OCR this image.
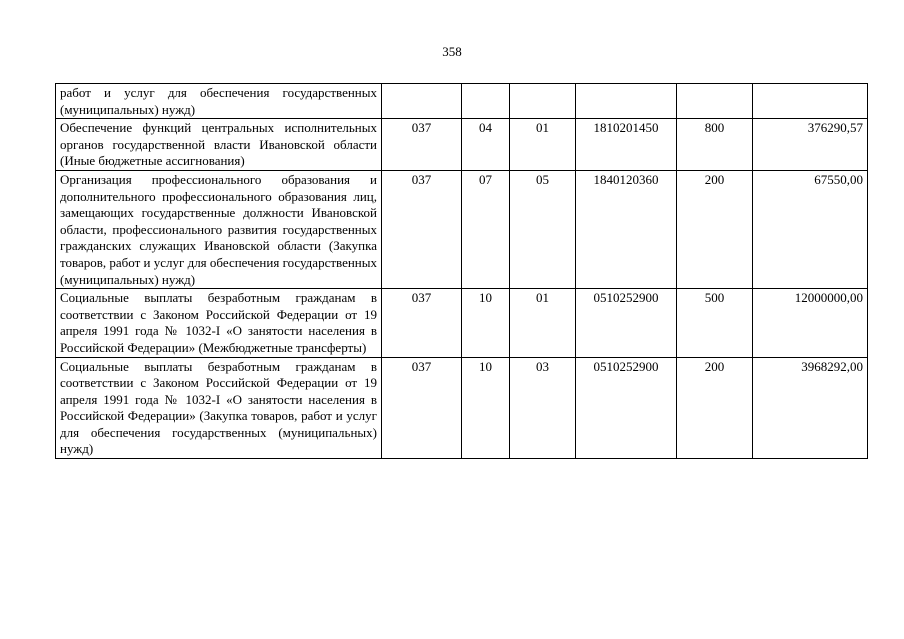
358
работ и услуг для обеспечения государственных (муниципальных) нужд)						
Обеспечение функций центральных исполнительных органов государственной власти Ивановской области (Иные бюджетные ассигнования)	037	04	01	1810201450	800	376290,57
Организация профессионального образования и дополнительного профессионального образования лиц, замещающих государственные должности Ивановской области, профессионального развития государственных гражданских служащих Ивановской области (Закупка товаров, работ и услуг для обеспечения государственных (муниципальных) нужд)	037	07	05	1840120360	200	67550,00
Социальные выплаты безработным гражданам в соответствии с Законом Российской Федерации от 19 апреля 1991 года № 1032-I «О занятости населения в Российской Федерации» (Межбюджетные трансферты)	037	10	01	0510252900	500	12000000,00
Социальные выплаты безработным гражданам в соответствии с Законом Российской Федерации от 19 апреля 1991 года № 1032-I «О занятости населения в Российской Федерации» (Закупка товаров, работ и услуг для обеспечения государственных (муниципальных) нужд)	037	10	03	0510252900	200	3968292,00
